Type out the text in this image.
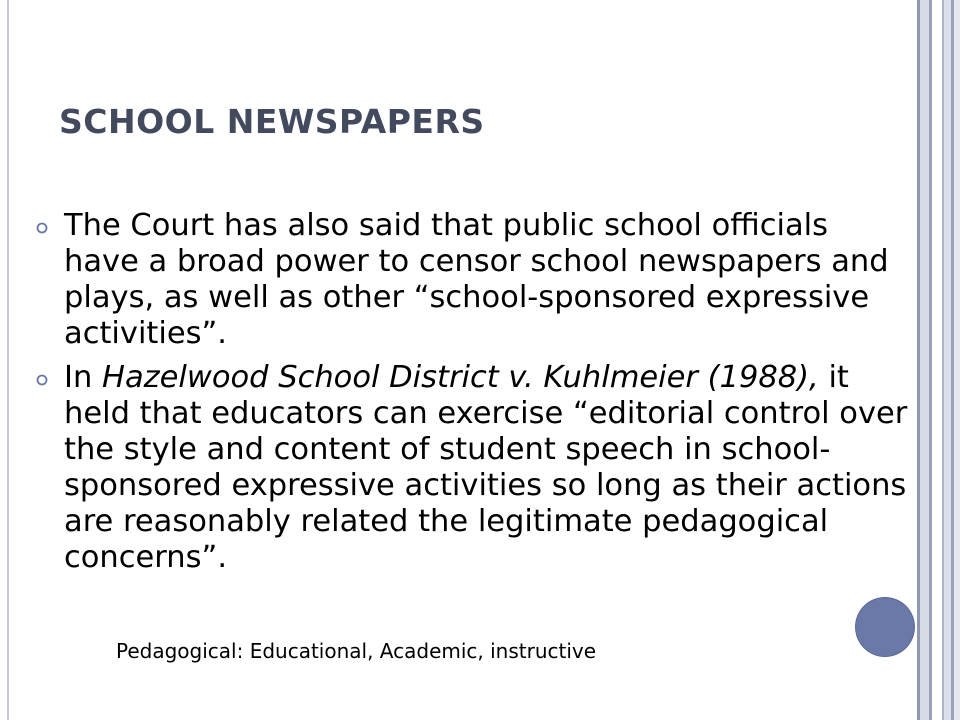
SCHOOL NEWSPAPERS
The Court has also said that public school officials have a broad power to censor school newspapers and plays, as well as other “school-sponsored expressive activities”.
In Hazelwood School District v. Kuhlmeier (1988), it held that educators can exercise “editorial control over the style and content of student speech in school-sponsored expressive activities so long as their actions are reasonably related the legitimate pedagogical concerns”.
Pedagogical: Educational, Academic, instructive
